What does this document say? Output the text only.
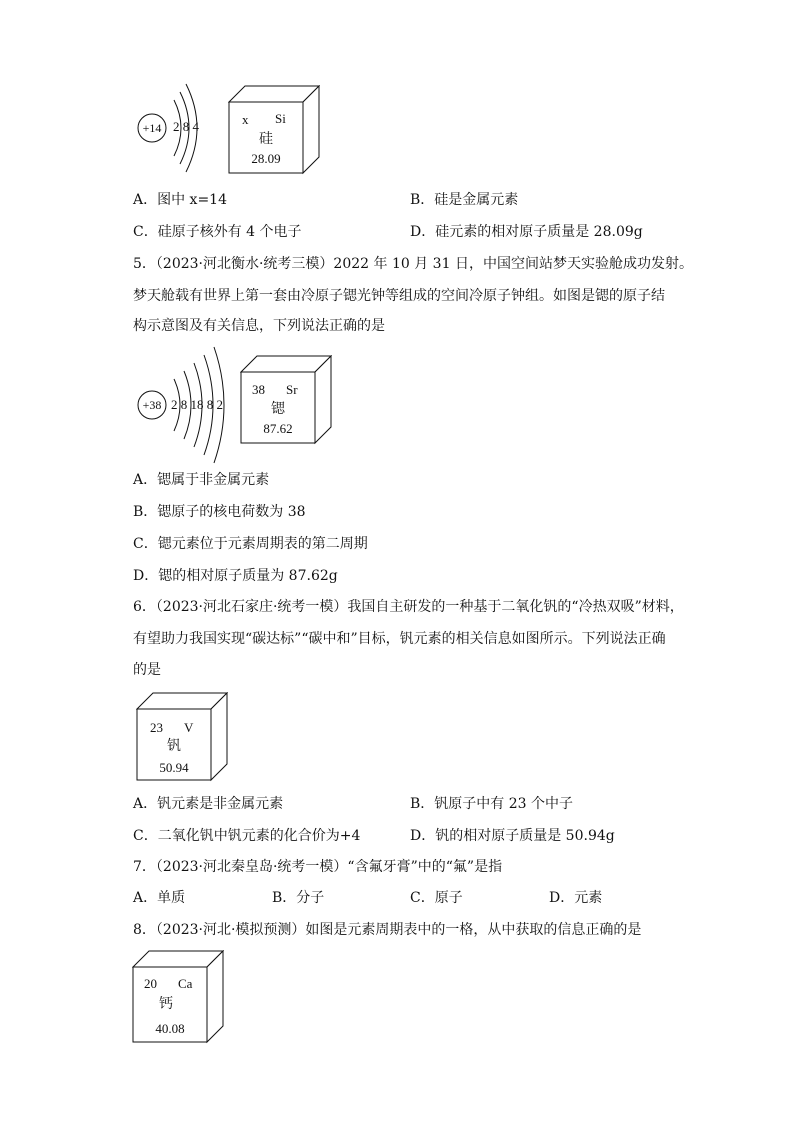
+14 2 8 4	x Si
硅
28.09
A．图中 x=14	B．硅是金属元素
C．硅原子核外有 4 个电子	D．硅元素的相对原子质量是 28.09g
5．（2023·河北衡水·统考三模）2022 年 10 月 31 日，中国空间站梦天实验舱成功发射。
梦天舱载有世界上第一套由冷原子锶光钟等组成的空间冷原子钟组。如图是锶的原子结
构示意图及有关信息，下列说法正确的是
+38 2 8 18 8 2
38 Sr
锶
87.62
A．锶属于非金属元素
B．锶原子的核电荷数为 38
C．锶元素位于元素周期表的第二周期
D．锶的相对原子质量为 87.62g
6．（2023·河北石家庄·统考一模）我国自主研发的一种基于二氧化钒的“冷热双吸”材料，
有望助力我国实现“碳达标”“碳中和”目标，钒元素的相关信息如图所示。下列说法正确
的是
23 V
钒
50.94
A．钒元素是非金属元素	B．钒原子中有 23 个中子
C．二氧化钒中钒元素的化合价为+4	D．钒的相对原子质量是 50.94g
7．（2023·河北秦皇岛·统考一模）“含氟牙膏”中的“氟”是指
A．单质	B．分子	C．原子	D．元素
8．（2023·河北·模拟预测）如图是元素周期表中的一格，从中获取的信息正确的是
20 Ca
钙
40.08
